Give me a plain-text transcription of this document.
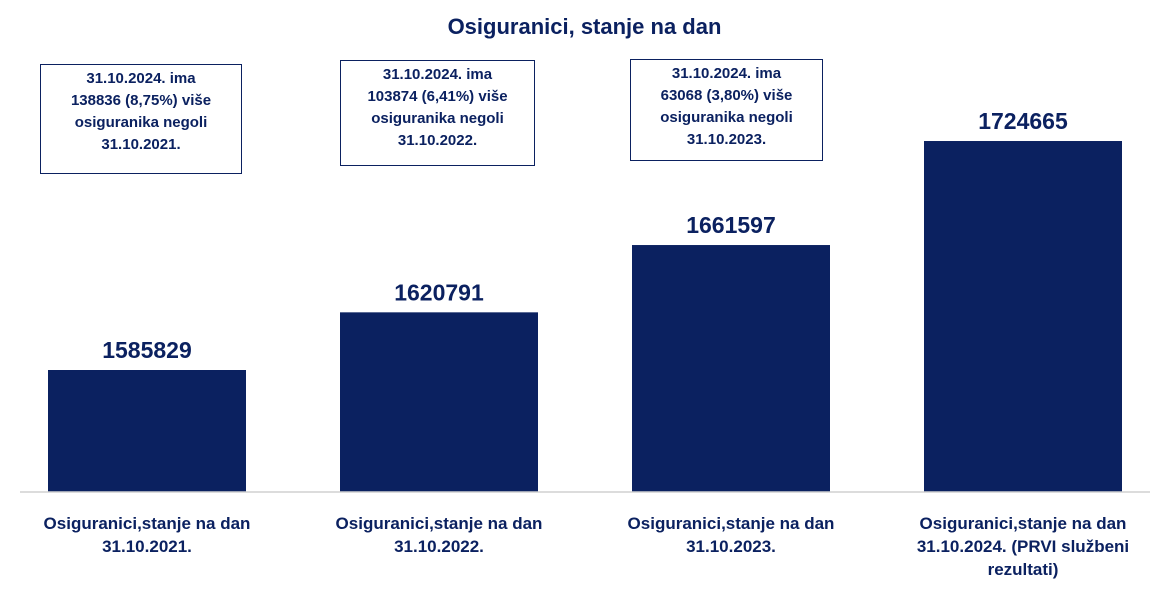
Osiguranici, stanje na dan
1585829
1620791
1661597
1724665
Osiguranici,stanje na dan
31.10.2021.
Osiguranici,stanje na dan
31.10.2022.
Osiguranici,stanje na dan
31.10.2023.
Osiguranici,stanje na dan
31.10.2024. (PRVI službeni
rezultati)
31.10.2024. ima
138836 (8,75%) više
osiguranika negoli
31.10.2021.
31.10.2024. ima
103874 (6,41%) više
osiguranika negoli
31.10.2022.
31.10.2024. ima
63068 (3,80%) više
osiguranika negoli
31.10.2023.
